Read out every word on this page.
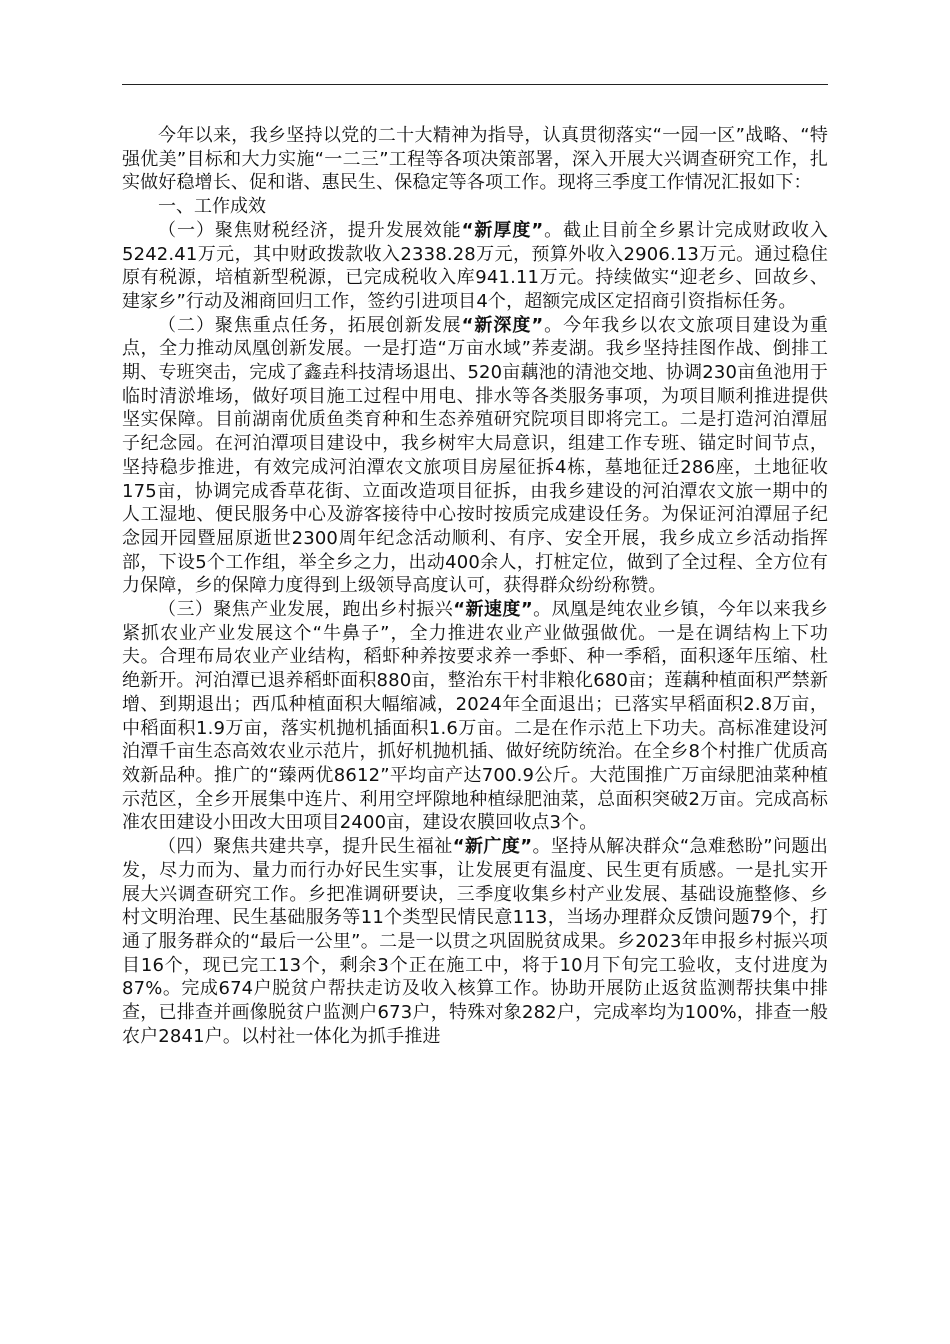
今年以来，我乡坚持以党的二十大精神为指导，认真贯彻落实“一园一区”战略、“特强优美”目标和大力实施“一二三”工程等各项决策部署，深入开展大兴调查研究工作，扎实做好稳增长、促和谐、惠民生、保稳定等各项工作。现将三季度工作情况汇报如下：

一、工作成效

（一）聚焦财税经济，提升发展效能“新厚度”。截止目前全乡累计完成财政收入5242.41万元，其中财政拨款收入2338.28万元，预算外收入2906.13万元。通过稳住原有税源，培植新型税源，已完成税收入库941.11万元。持续做实“迎老乡、回故乡、建家乡”行动及湘商回归工作，签约引进项目4个，超额完成区定招商引资指标任务。

（二）聚焦重点任务，拓展创新发展“新深度”。今年我乡以农文旅项目建设为重点，全力推动凤凰创新发展。一是打造“万亩水域”荞麦湖。我乡坚持挂图作战、倒排工期、专班突击，完成了鑫垚科技清场退出、520亩藕池的清池交地、协调230亩鱼池用于临时清淤堆场，做好项目施工过程中用电、排水等各类服务事项，为项目顺利推进提供坚实保障。目前湖南优质鱼类育种和生态养殖研究院项目即将完工。二是打造河泊潭屈子纪念园。在河泊潭项目建设中，我乡树牢大局意识，组建工作专班、锚定时间节点，坚持稳步推进，有效完成河泊潭农文旅项目房屋征拆4栋，墓地征迁286座，土地征收175亩，协调完成香草花街、立面改造项目征拆，由我乡建设的河泊潭农文旅一期中的人工湿地、便民服务中心及游客接待中心按时按质完成建设任务。为保证河泊潭屈子纪念园开园暨屈原逝世2300周年纪念活动顺利、有序、安全开展，我乡成立乡活动指挥部，下设5个工作组，举全乡之力，出动400余人，打桩定位，做到了全过程、全方位有力保障，乡的保障力度得到上级领导高度认可，获得群众纷纷称赞。

（三）聚焦产业发展，跑出乡村振兴“新速度”。凤凰是纯农业乡镇，今年以来我乡紧抓农业产业发展这个“牛鼻子”，全力推进农业产业做强做优。一是在调结构上下功夫。合理布局农业产业结构，稻虾种养按要求养一季虾、种一季稻，面积逐年压缩、杜绝新开。河泊潭已退养稻虾面积880亩，整治东干村非粮化680亩；莲藕种植面积严禁新增、到期退出；西瓜种植面积大幅缩减，2024年全面退出；已落实早稻面积2.8万亩，中稻面积1.9万亩，落实机抛机插面积1.6万亩。二是在作示范上下功夫。高标准建设河泊潭千亩生态高效农业示范片，抓好机抛机插、做好统防统治。在全乡8个村推广优质高效新品种。推广的“臻两优8612”平均亩产达700.9公斤。大范围推广万亩绿肥油菜种植示范区，全乡开展集中连片、利用空坪隙地种植绿肥油菜，总面积突破2万亩。完成高标准农田建设小田改大田项目2400亩，建设农膜回收点3个。

（四）聚焦共建共享，提升民生福祉“新广度”。坚持从解决群众“急难愁盼”问题出发，尽力而为、量力而行办好民生实事，让发展更有温度、民生更有质感。一是扎实开展大兴调查研究工作。乡把准调研要诀，三季度收集乡村产业发展、基础设施整修、乡村文明治理、民生基础服务等11个类型民情民意113，当场办理群众反馈问题79个，打通了服务群众的“最后一公里”。二是一以贯之巩固脱贫成果。乡2023年申报乡村振兴项目16个，现已完工13个，剩余3个正在施工中，将于10月下旬完工验收，支付进度为87%。完成674户脱贫户帮扶走访及收入核算工作。协助开展防止返贫监测帮扶集中排查，已排查并画像脱贫户监测户673户，特殊对象282户，完成率均为100%，排查一般农户2841户。以村社一体化为抓手推进
